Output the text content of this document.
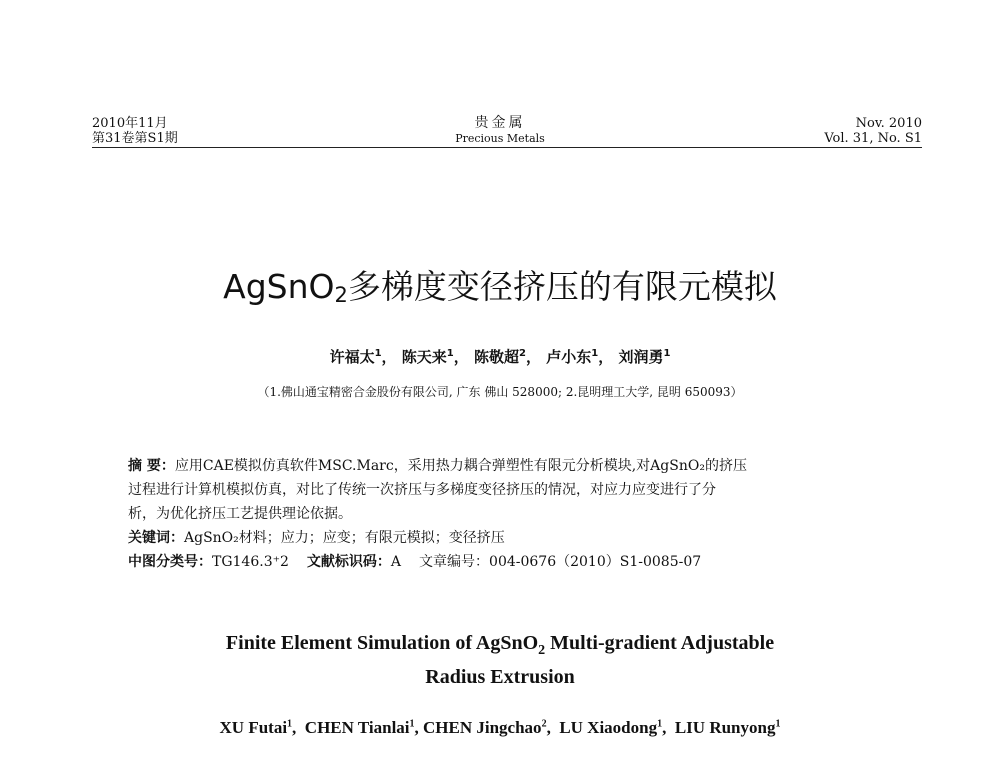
2010年11月
第31卷第S1期
贵金属
Precious Metals
Nov. 2010
Vol. 31, No. S1
AgSnO$_2$多梯度变径挤压的有限元模拟
许福太$^1$， 陈天来$^1$， 陈敬超$^2$， 卢小东$^1$， 刘润勇$^1$
（1.佛山通宝精密合金股份有限公司, 广东 佛山 528000; 2.昆明理工大学, 昆明 650093）
摘 要：应用CAE模拟仿真软件MSC.Marc，采用热力耦合弹塑性有限元分析模块,对AgSnO₂的挤压
过程进行计算机模拟仿真，对比了传统一次挤压与多梯度变径挤压的情况，对应力应变进行了分
析，为优化挤压工艺提供理论依据。
关键词：AgSnO₂材料；应力；应变；有限元模拟；变径挤压
中图分类号：TG146.3⁺2 文献标识码：A 文章编号：004-0676（2010）S1-0085-07
Finite Element Simulation of AgSnO$_2$ Multi-gradient Adjustable
Radius Extrusion
XU Futai$^1$,  CHEN Tianlai$^1$, CHEN Jingchao$^2$,  LU Xiaodong$^1$,  LIU Runyong$^1$
